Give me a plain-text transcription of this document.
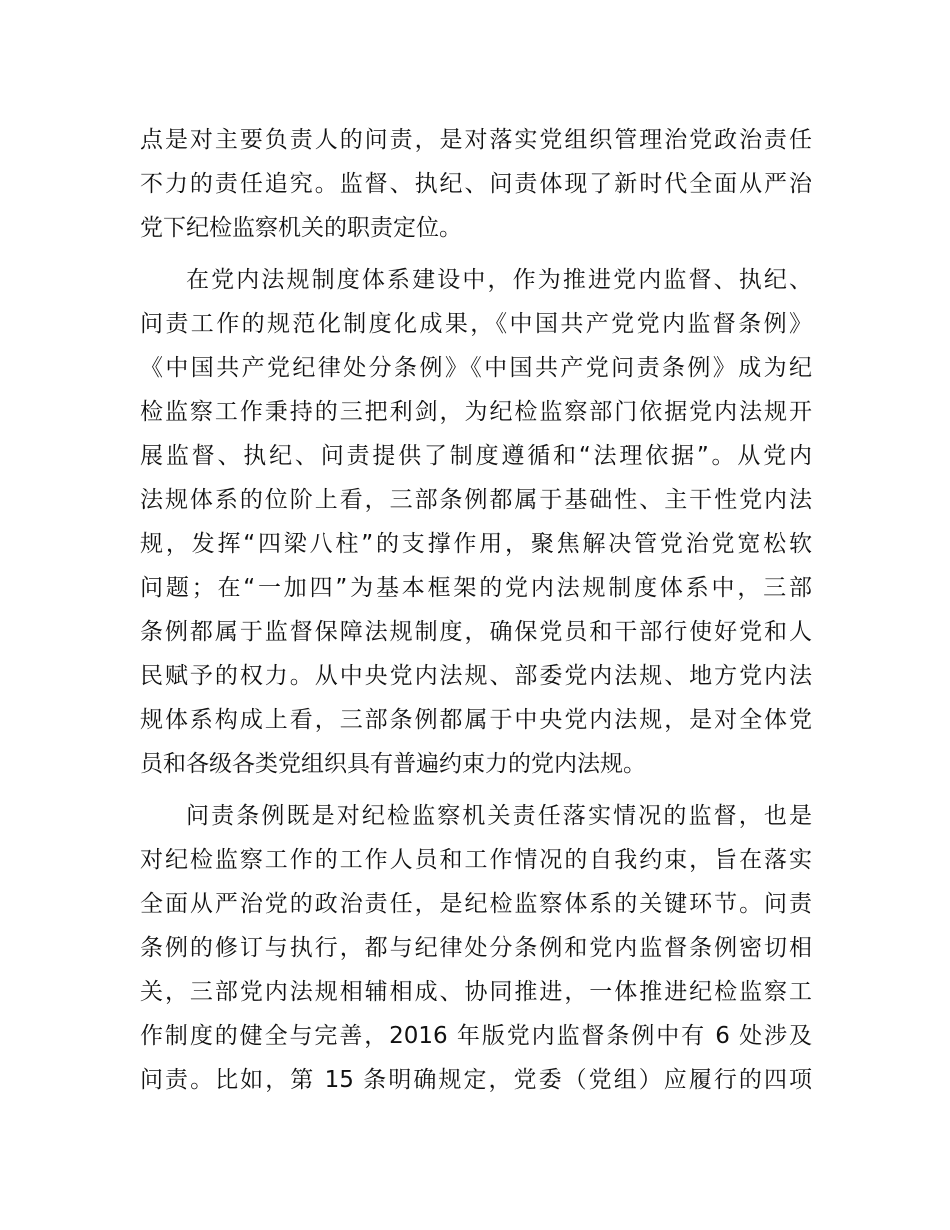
点是对主要负责人的问责，是对落实党组织管理治党政治责任
不力的责任追究。监督、执纪、问责体现了新时代全面从严治
党下纪检监察机关的职责定位。
在党内法规制度体系建设中，作为推进党内监督、执纪、
问责工作的规范化制度化成果，《中国共产党党内监督条例》
《中国共产党纪律处分条例》《中国共产党问责条例》成为纪
检监察工作秉持的三把利剑，为纪检监察部门依据党内法规开
展监督、执纪、问责提供了制度遵循和“法理依据”。从党内
法规体系的位阶上看，三部条例都属于基础性、主干性党内法
规，发挥“四梁八柱”的支撑作用，聚焦解决管党治党宽松软
问题；在“一加四”为基本框架的党内法规制度体系中，三部
条例都属于监督保障法规制度，确保党员和干部行使好党和人
民赋予的权力。从中央党内法规、部委党内法规、地方党内法
规体系构成上看，三部条例都属于中央党内法规，是对全体党
员和各级各类党组织具有普遍约束力的党内法规。
问责条例既是对纪检监察机关责任落实情况的监督，也是
对纪检监察工作的工作人员和工作情况的自我约束，旨在落实
全面从严治党的政治责任，是纪检监察体系的关键环节。问责
条例的修订与执行，都与纪律处分条例和党内监督条例密切相
关，三部党内法规相辅相成、协同推进，一体推进纪检监察工
作制度的健全与完善，2016 年版党内监督条例中有 6 处涉及
问责。比如，第 15 条明确规定，党委（党组）应履行的四项
